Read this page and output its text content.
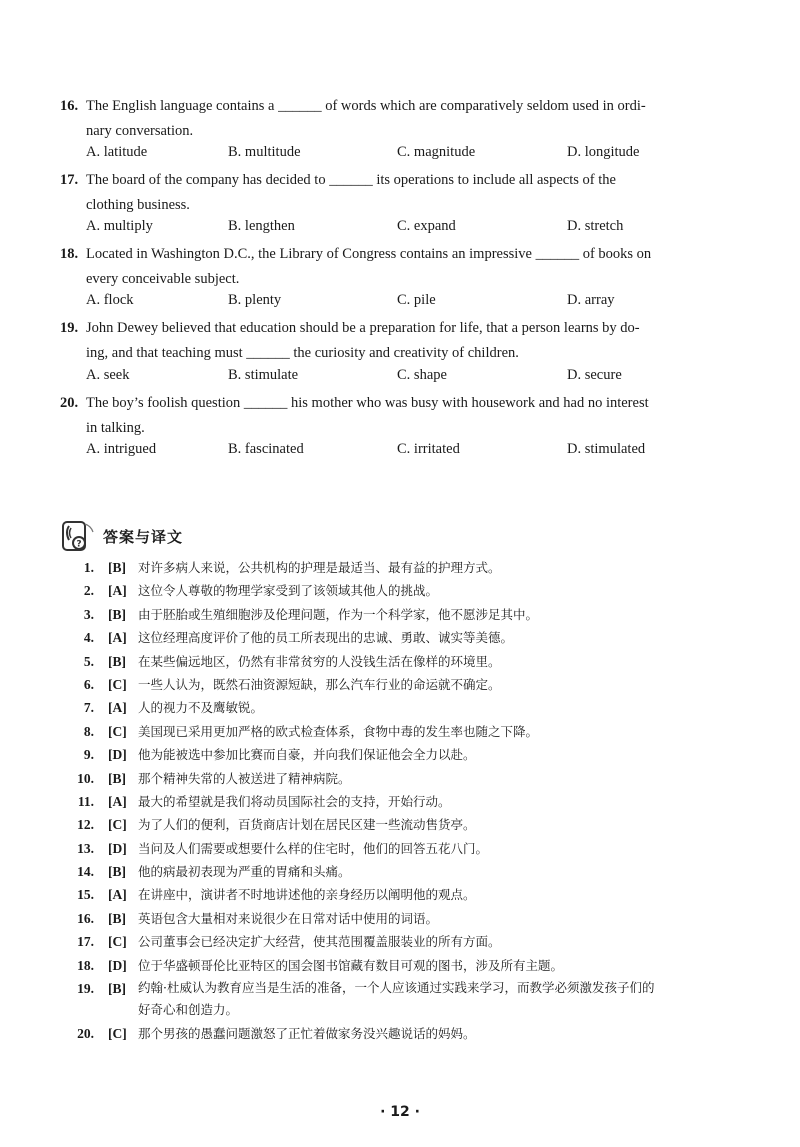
16. The English language contains a ______ of words which are comparatively seldom used in ordi-
nary conversation.
A. latitude	B. multitude	C. magnitude	D. longitude
17. The board of the company has decided to ______ its operations to include all aspects of the
clothing business.
A. multiply	B. lengthen	C. expand	D. stretch
18. Located in Washington D.C., the Library of Congress contains an impressive ______ of books on
every conceivable subject.
A. flock	B. plenty	C. pile	D. array
19. John Dewey believed that education should be a preparation for life, that a person learns by do-
ing, and that teaching must ______ the curiosity and creativity of children.
A. seek	B. stimulate	C. shape	D. secure
20. The boy’s foolish question ______ his mother who was busy with housework and had no interest
in talking.
A. intrigued	B. fascinated	C. irritated	D. stimulated
? 答案与译文
1. [B] 对许多病人来说，公共机构的护理是最适当、最有益的护理方式。
2. [A] 这位令人尊敬的物理学家受到了该领域其他人的挑战。
3. [B] 由于胚胎或生殖细胞涉及伦理问题，作为一个科学家，他不愿涉足其中。
4. [A] 这位经理高度评价了他的员工所表现出的忠诚、勇敢、诚实等美德。
5. [B] 在某些偏远地区，仍然有非常贫穷的人没钱生活在像样的环境里。
6. [C] 一些人认为，既然石油资源短缺，那么汽车行业的命运就不确定。
7. [A] 人的视力不及鹰敏锐。
8. [C] 美国现已采用更加严格的欧式检查体系，食物中毒的发生率也随之下降。
9. [D] 他为能被选中参加比赛而自豪，并向我们保证他会全力以赴。
10. [B] 那个精神失常的人被送进了精神病院。
11. [A] 最大的希望就是我们将动员国际社会的支持，开始行动。
12. [C] 为了人们的便利，百货商店计划在居民区建一些流动售货亭。
13. [D] 当问及人们需要或想要什么样的住宅时，他们的回答五花八门。
14. [B] 他的病最初表现为严重的胃痛和头痛。
15. [A] 在讲座中，演讲者不时地讲述他的亲身经历以阐明他的观点。
16. [B] 英语包含大量相对来说很少在日常对话中使用的词语。
17. [C] 公司董事会已经决定扩大经营，使其范围覆盖服装业的所有方面。
18. [D] 位于华盛顿哥伦比亚特区的国会图书馆藏有数目可观的图书，涉及所有主题。
19. [B] 约翰·杜威认为教育应当是生活的准备，一个人应该通过实践来学习，而教学必须激发孩子们的
好奇心和创造力。
20. [C] 那个男孩的愚蠢问题激怒了正忙着做家务没兴趣说话的妈妈。
· 12 ·
